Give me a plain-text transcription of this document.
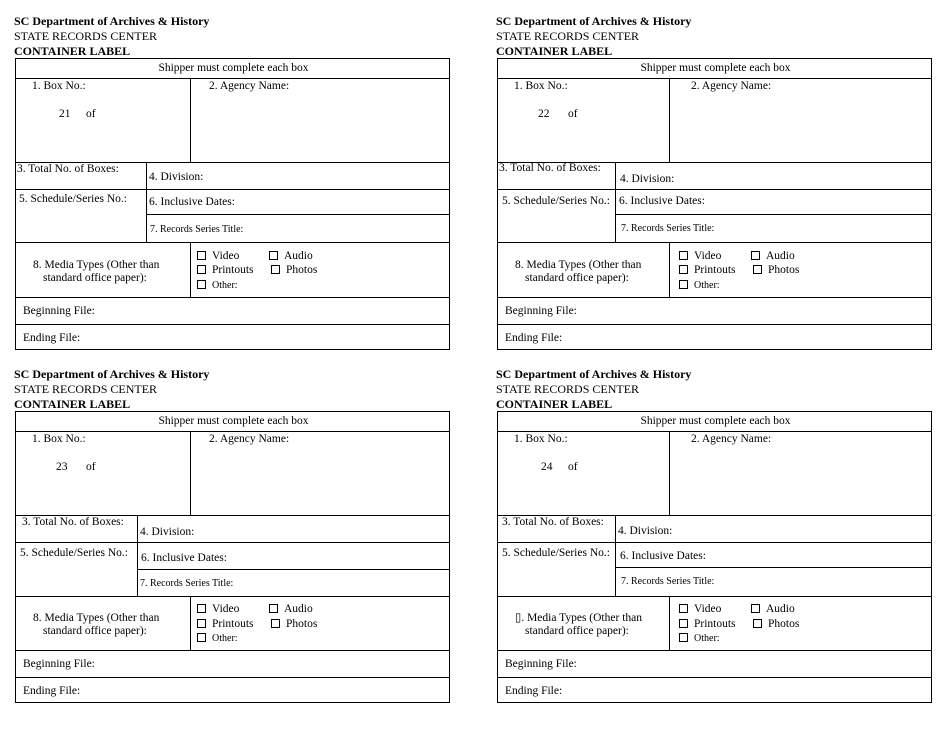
SC Department of Archives & History
STATE RECORDS CENTER
CONTAINER LABEL
Shipper must complete each box
1. Box No.:
21 of
2. Agency Name:
3. Total No. of Boxes:
4. Division:
5. Schedule/Series No.: 6. Inclusive Dates:
7. Records Series Title:
8. Media Types (Other than
standard office paper):
Video	Audio
Printouts	Photos
Other:
Beginning File:
Ending File:
SC Department of Archives & History
STATE RECORDS CENTER
CONTAINER LABEL
Shipper must complete each box
1. Box No.:
22 of
2. Agency Name:
3. Total No. of Boxes:
4. Division:
5. Schedule/Series No.: 6. Inclusive Dates:
7. Records Series Title:
8. Media Types (Other than
standard office paper):
Video	Audio
Printouts	Photos
Other:
Beginning File:
Ending File:
SC Department of Archives & History
STATE RECORDS CENTER
CONTAINER LABEL
Shipper must complete each box
1. Box No.:
23 of
2. Agency Name:
3. Total No. of Boxes:
4. Division:
5. Schedule/Series No.: 6. Inclusive Dates:
7. Records Series Title:
8. Media Types (Other than
standard office paper):
Video	Audio
Printouts	Photos
Other:
Beginning File:
Ending File:
SC Department of Archives & History
STATE RECORDS CENTER
CONTAINER LABEL
Shipper must complete each box
1. Box No.:
24 of
2. Agency Name:
3. Total No. of Boxes:
4. Division:
5. Schedule/Series No.: 6. Inclusive Dates:
7. Records Series Title:
▯. Media Types (Other than
standard office paper):
Video	Audio
Printouts	Photos
Other:
Beginning File:
Ending File:
